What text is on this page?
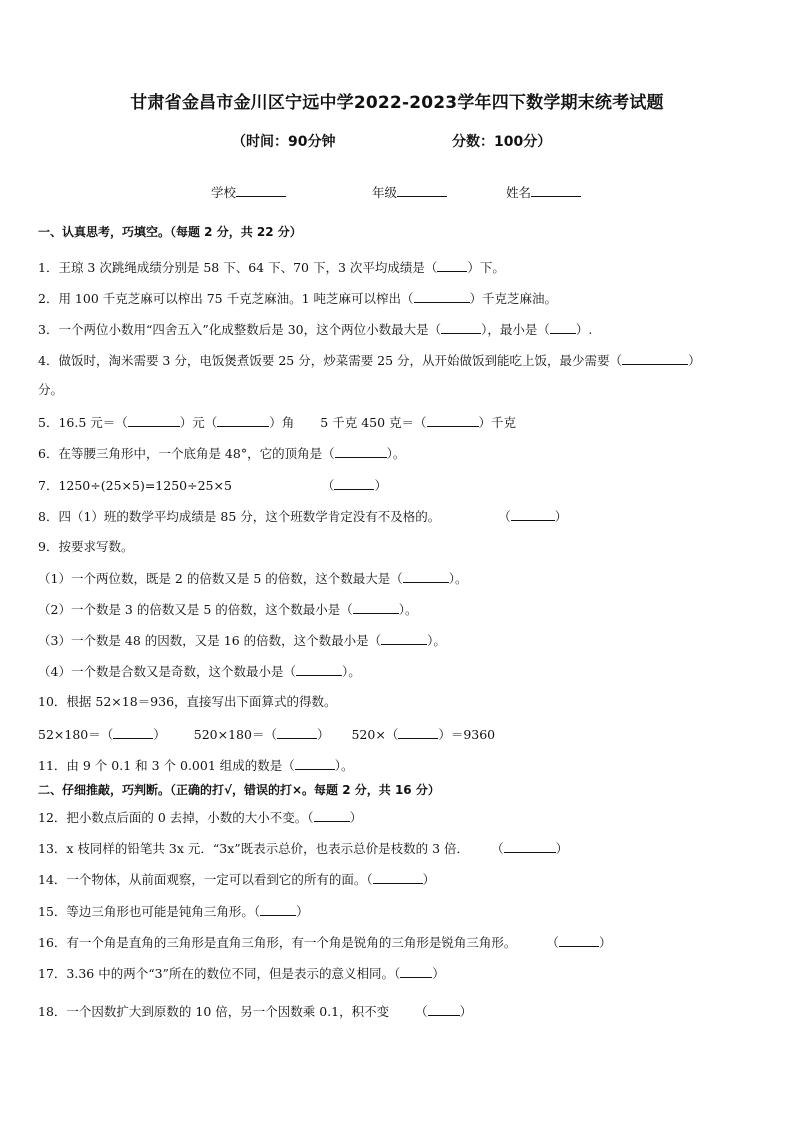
甘肃省金昌市金川区宁远中学2022-2023学年四下数学期末统考试题
（时间：90分钟	分数：100分）
学校	年级	姓名
一、认真思考，巧填空。（每题 2 分，共 22 分）
1．王琼 3 次跳绳成绩分别是 58 下、64 下、70 下，3 次平均成绩是（ ）下。
2．用 100 千克芝麻可以榨出 75 千克芝麻油。1 吨芝麻可以榨出（	）千克芝麻油。
3．一个两位小数用“四舍五入”化成整数后是 30，这个两位小数最大是（	），最小是（ ）.
4．做饭时，淘米需要 3 分，电饭煲煮饭要 25 分，炒菜需要 25 分，从开始做饭到能吃上饭，最少需要（	）
分。
5．16.5 元＝（	）元（	）角 5 千克 450 克＝（	）千克
6．在等腰三角形中，一个底角是 48°，它的顶角是（	）。
7．1250÷(25×5)=1250÷25×5	（	）
8．四（1）班的数学平均成绩是 85 分，这个班数学肯定没有不及格的。	（	）
9．按要求写数。
（1）一个两位数，既是 2 的倍数又是 5 的倍数，这个数最大是（	）。
（2）一个数是 3 的倍数又是 5 的倍数，这个数最小是（	）。
（3）一个数是 48 的因数，又是 16 的倍数，这个数最小是（	）。
（4）一个数是合数又是奇数，这个数最小是（	）。
10．根据 52×18＝936，直接写出下面算式的得数。
52×180＝（	） 520×180＝（	） 520×（	）＝9360
11．由 9 个 0.1 和 3 个 0.001 组成的数是（	）。
二、仔细推敲，巧判断。（正确的打√，错误的打×。每题 2 分，共 16 分）
12．把小数点后面的 0 去掉，小数的大小不变。（	）
13．x 枝同样的铅笔共 3x 元．“3x”既表示总价，也表示总价是枝数的 3 倍． （	）
14．一个物体，从前面观察，一定可以看到它的所有的面。（	）
15．等边三角形也可能是钝角三角形。（	）
16．有一个角是直角的三角形是直角三角形，有一个角是锐角的三角形是锐角三角形。 （	）
17．3.36 中的两个“3”所在的数位不同，但是表示的意义相同。（	）
18．一个因数扩大到原数的 10 倍，另一个因数乘 0.1，积不变 （	）
